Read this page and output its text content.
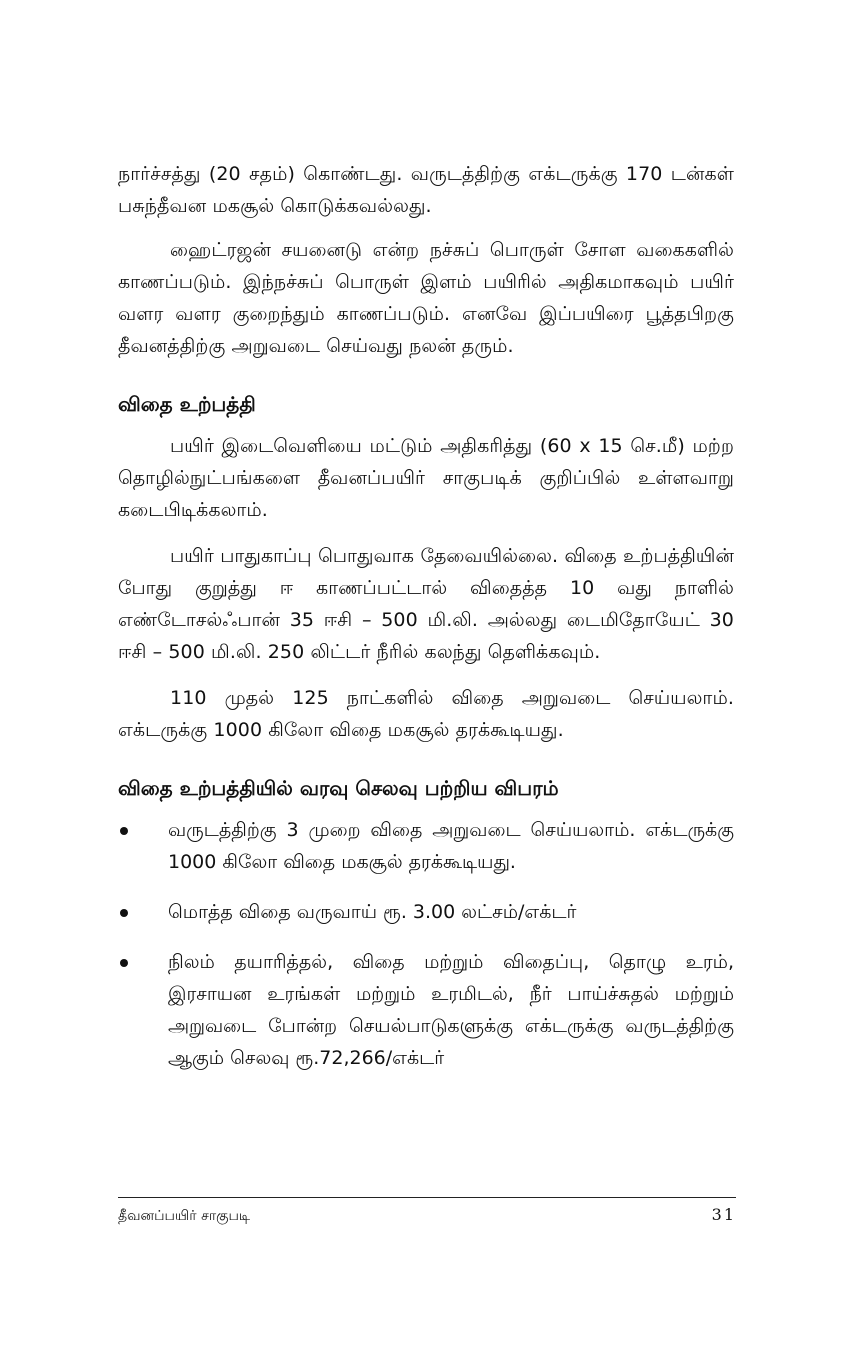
நார்ச்சத்து (20 சதம்) கொண்டது. வருடத்திற்கு எக்டருக்கு 170 டன்கள் பசுந்தீவன மகசூல் கொடுக்கவல்லது.

ஹைட்ரஜன் சயனைடு என்ற நச்சுப் பொருள் சோள வகைகளில் காணப்படும். இந்நச்சுப் பொருள் இளம் பயிரில் அதிகமாகவும் பயிர் வளர வளர குறைந்தும் காணப்படும். எனவே இப்பயிரை பூத்தபிறகு தீவனத்திற்கு அறுவடை செய்வது நலன் தரும்.

விதை உற்பத்தி

பயிர் இடைவெளியை மட்டும் அதிகரித்து (60 x 15 செ.மீ) மற்ற தொழில்நுட்பங்களை தீவனப்பயிர் சாகுபடிக் குறிப்பில் உள்ளவாறு கடைபிடிக்கலாம்.

பயிர் பாதுகாப்பு பொதுவாக தேவையில்லை. விதை உற்பத்தியின் போது குறுத்து ஈ காணப்பட்டால் விதைத்த 10 வது நாளில் எண்டோசல்ஃபான் 35 ஈசி – 500 மி.லி. அல்லது டைமிதோயேட் 30 ஈசி – 500 மி.லி. 250 லிட்டர் நீரில் கலந்து தெளிக்கவும்.

110 முதல் 125 நாட்களில் விதை அறுவடை செய்யலாம். எக்டருக்கு 1000 கிலோ விதை மகசூல் தரக்கூடியது.

விதை உற்பத்தியில் வரவு செலவு பற்றிய விபரம்
வருடத்திற்கு 3 முறை விதை அறுவடை செய்யலாம். எக்டருக்கு 1000 கிலோ விதை மகசூல் தரக்கூடியது.
மொத்த விதை வருவாய் ரூ. 3.00 லட்சம்/எக்டர்
நிலம் தயாரித்தல், விதை மற்றும் விதைப்பு, தொழு உரம், இரசாயன உரங்கள் மற்றும் உரமிடல், நீர் பாய்ச்சுதல் மற்றும் அறுவடை போன்ற செயல்பாடுகளுக்கு எக்டருக்கு வருடத்திற்கு ஆகும் செலவு ரூ.72,266/எக்டர்
தீவனப்பயிர் சாகுபடி	31
